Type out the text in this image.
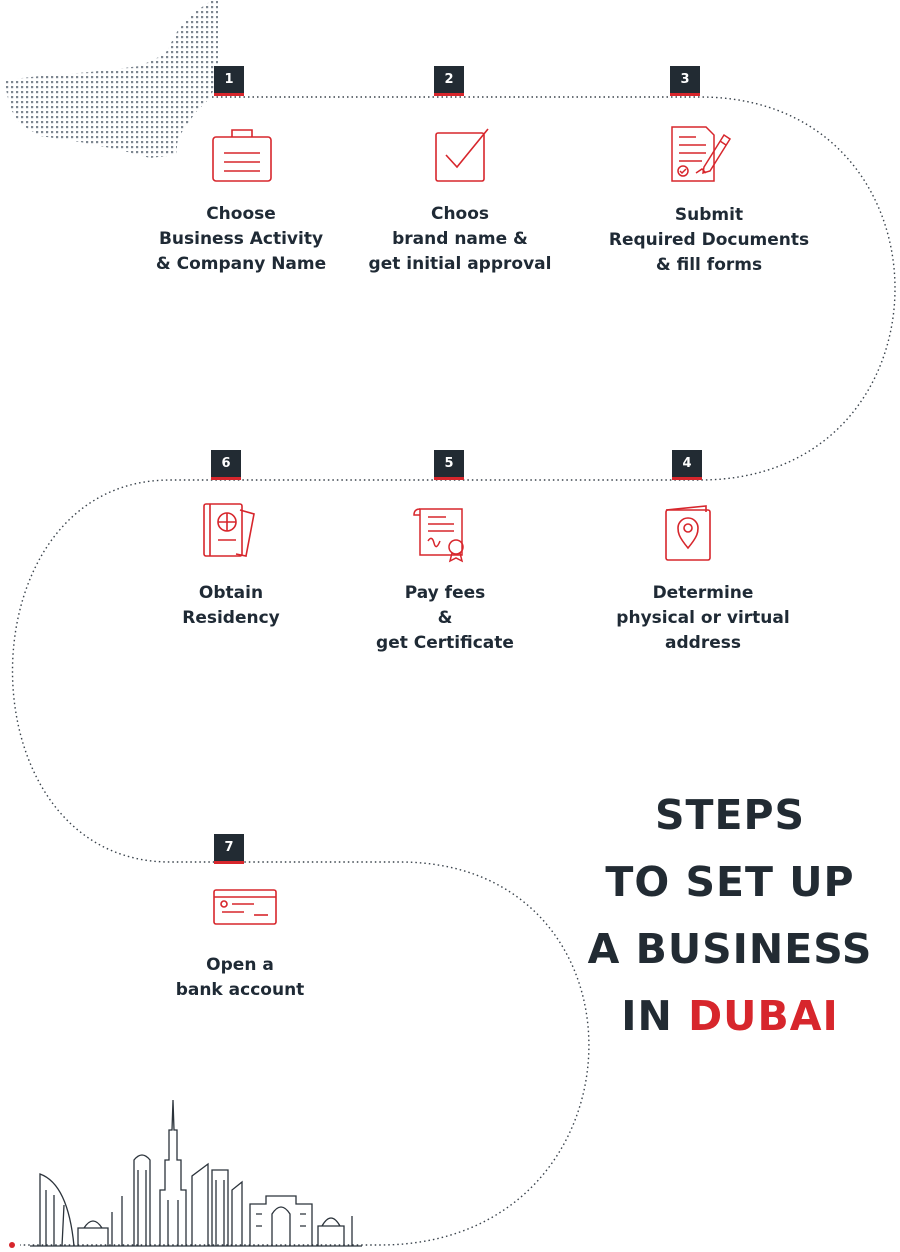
1
Choose
Business Activity
& Company Name
2
Choos
brand name &
get initial approval
3
Submit
Required Documents
& fill forms
6
Obtain
Residency
5
Pay fees
&
get Certificate
4
Determine
physical or virtual
address
7
Open a
bank account
STEPS
TO SET UP
A BUSINESS
IN DUBAI
